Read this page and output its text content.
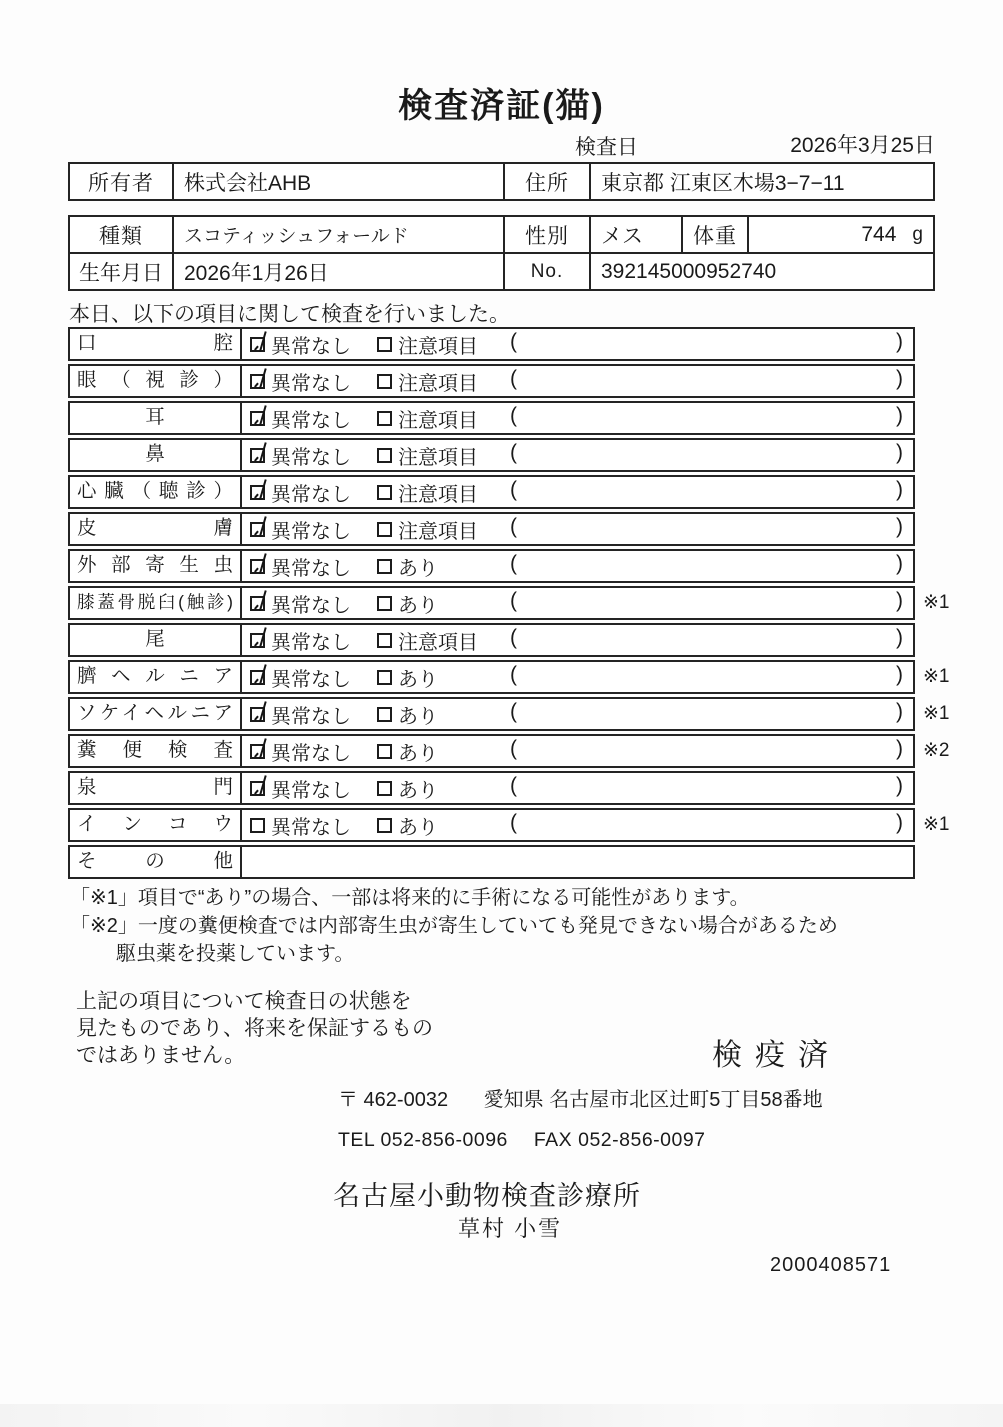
検査済証(猫)
検査日	2026年3月25日
所有者	株式会社AHB	住所	東京都 江東区木場3−7−11
種類	スコティッシュフォールド	性別	メス	体重	744 g
生年月日	2026年1月26日	No.	392145000952740
本日、以下の項目に関して検査を行いました。
口腔	異常なし 注意項目 (	)
眼（視診）	異常なし 注意項目 (	)
耳	異常なし 注意項目 (	)
鼻	異常なし 注意項目 (	)
心臓（聴診）	異常なし 注意項目 (	)
皮膚	異常なし 注意項目 (	)
外部寄生虫	異常なし あり	(	)
膝蓋骨脱臼(触診)	異常なし あり	(	) ※1
尾	異常なし 注意項目 (	)
臍ヘルニア	異常なし あり	(	) ※1
ソケイヘルニア	異常なし あり	(	) ※1
糞便検査	異常なし あり	(	) ※2
泉門	異常なし あり	(	)
インコウ	異常なし あり	(	) ※1
その他
「※1」項目で“あり”の場合、一部は将来的に手術になる可能性があります。
「※2」一度の糞便検査では内部寄生虫が寄生していても発見できない場合があるため
駆虫薬を投薬しています。
上記の項目について検査日の状態を
見たものであり、将来を保証するもの
ではありません。	検疫済
〒 462-0032 愛知県 名古屋市北区辻町5丁目58番地
TEL 052-856-0096 FAX 052-856-0097
名古屋小動物検査診療所
草村 小雪
2000408571
